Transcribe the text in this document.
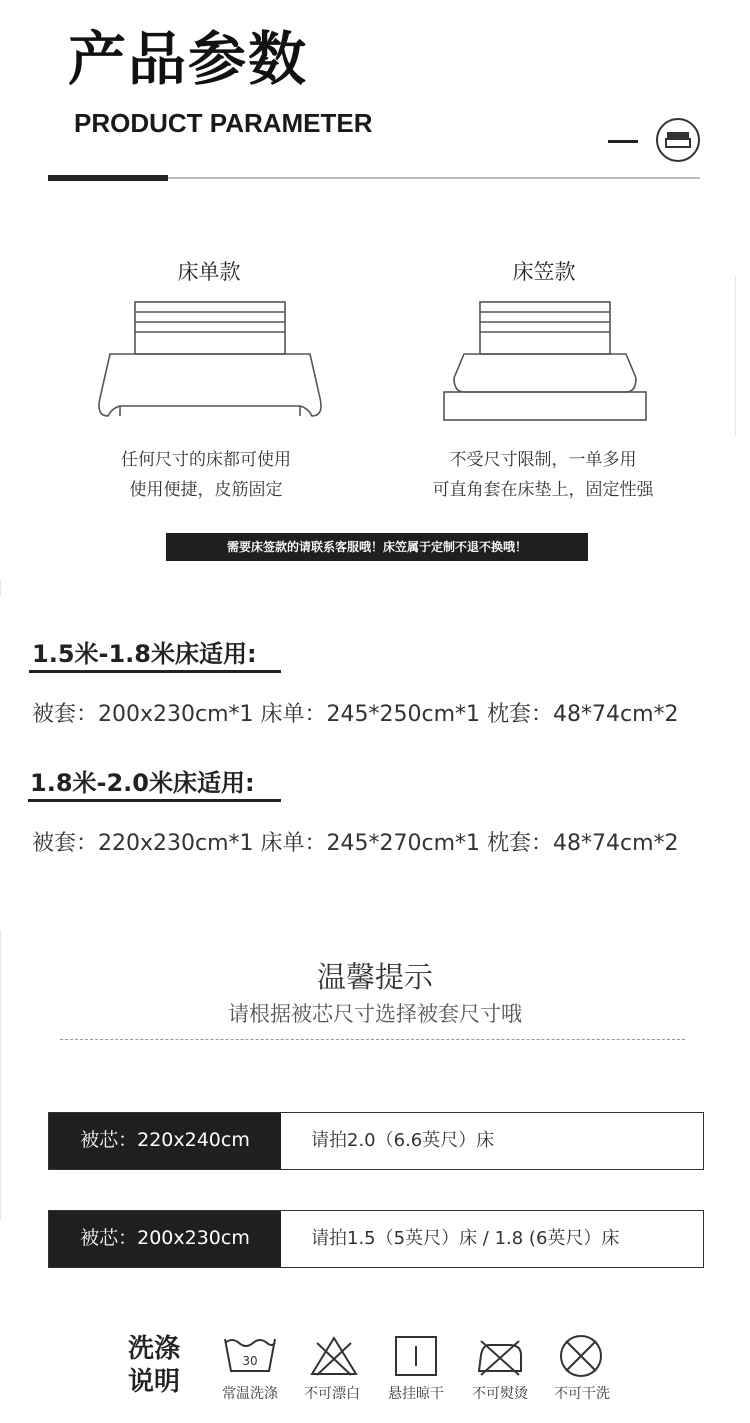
产品参数
PRODUCT PARAMETER
床单款	床笠款
任何尺寸的床都可使用
使用便捷，皮筋固定
不受尺寸限制，一单多用
可直角套在床垫上，固定性强
需要床签款的请联系客服哦！床笠属于定制不退不换哦！
1.5米-1.8米床适用:
被套：200x230cm*1 床单：245*250cm*1 枕套：48*74cm*2
1.8米-2.0米床适用:
被套：220x230cm*1 床单：245*270cm*1 枕套：48*74cm*2
温馨提示
请根据被芯尺寸选择被套尺寸哦
被芯：220x240cm	请拍2.0（6.6英尺）床
被芯：200x230cm	请拍1.5（5英尺）床 / 1.8 (6英尺）床
洗涤
说明
30
常温洗涤	不可漂白	悬挂晾干	不可熨烫	不可干洗
